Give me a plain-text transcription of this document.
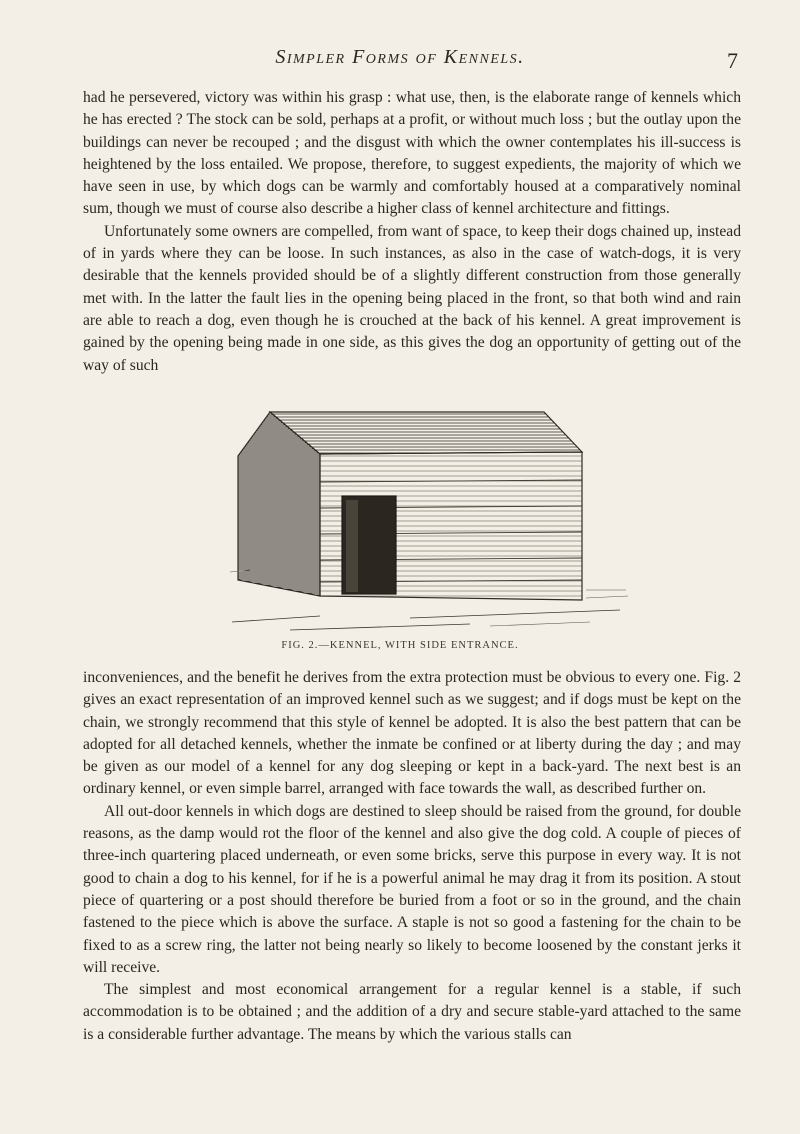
Simpler Forms of Kennels.	7

had he persevered, victory was within his grasp : what use, then, is the elaborate range of kennels which he has erected ? The stock can be sold, perhaps at a profit, or without much loss ; but the outlay upon the buildings can never be recouped ; and the disgust with which the owner contemplates his ill-success is heightened by the loss entailed. We propose, therefore, to suggest expedients, the majority of which we have seen in use, by which dogs can be warmly and comfortably housed at a comparatively nominal sum, though we must of course also describe a higher class of kennel architecture and fittings.

Unfortunately some owners are compelled, from want of space, to keep their dogs chained up, instead of in yards where they can be loose. In such instances, as also in the case of watch-dogs, it is very desirable that the kennels provided should be of a slightly different construction from those generally met with. In the latter the fault lies in the opening being placed in the front, so that both wind and rain are able to reach a dog, even though he is crouched at the back of his kennel. A great improvement is gained by the opening being made in one side, as this gives the dog an opportunity of getting out of the way of such

FIG. 2.—KENNEL, WITH SIDE ENTRANCE.

inconveniences, and the benefit he derives from the extra protection must be obvious to every one. Fig. 2 gives an exact representation of an improved kennel such as we suggest; and if dogs must be kept on the chain, we strongly recommend that this style of kennel be adopted. It is also the best pattern that can be adopted for all detached kennels, whether the inmate be confined or at liberty during the day ; and may be given as our model of a kennel for any dog sleeping or kept in a back-yard. The next best is an ordinary kennel, or even simple barrel, arranged with face towards the wall, as described further on.

All out-door kennels in which dogs are destined to sleep should be raised from the ground, for double reasons, as the damp would rot the floor of the kennel and also give the dog cold. A couple of pieces of three-inch quartering placed underneath, or even some bricks, serve this purpose in every way. It is not good to chain a dog to his kennel, for if he is a powerful animal he may drag it from its position. A stout piece of quartering or a post should therefore be buried from a foot or so in the ground, and the chain fastened to the piece which is above the surface. A staple is not so good a fastening for the chain to be fixed to as a screw ring, the latter not being nearly so likely to become loosened by the constant jerks it will receive.

The simplest and most economical arrangement for a regular kennel is a stable, if such accommodation is to be obtained ; and the addition of a dry and secure stable-yard attached to the same is a considerable further advantage. The means by which the various stalls can
